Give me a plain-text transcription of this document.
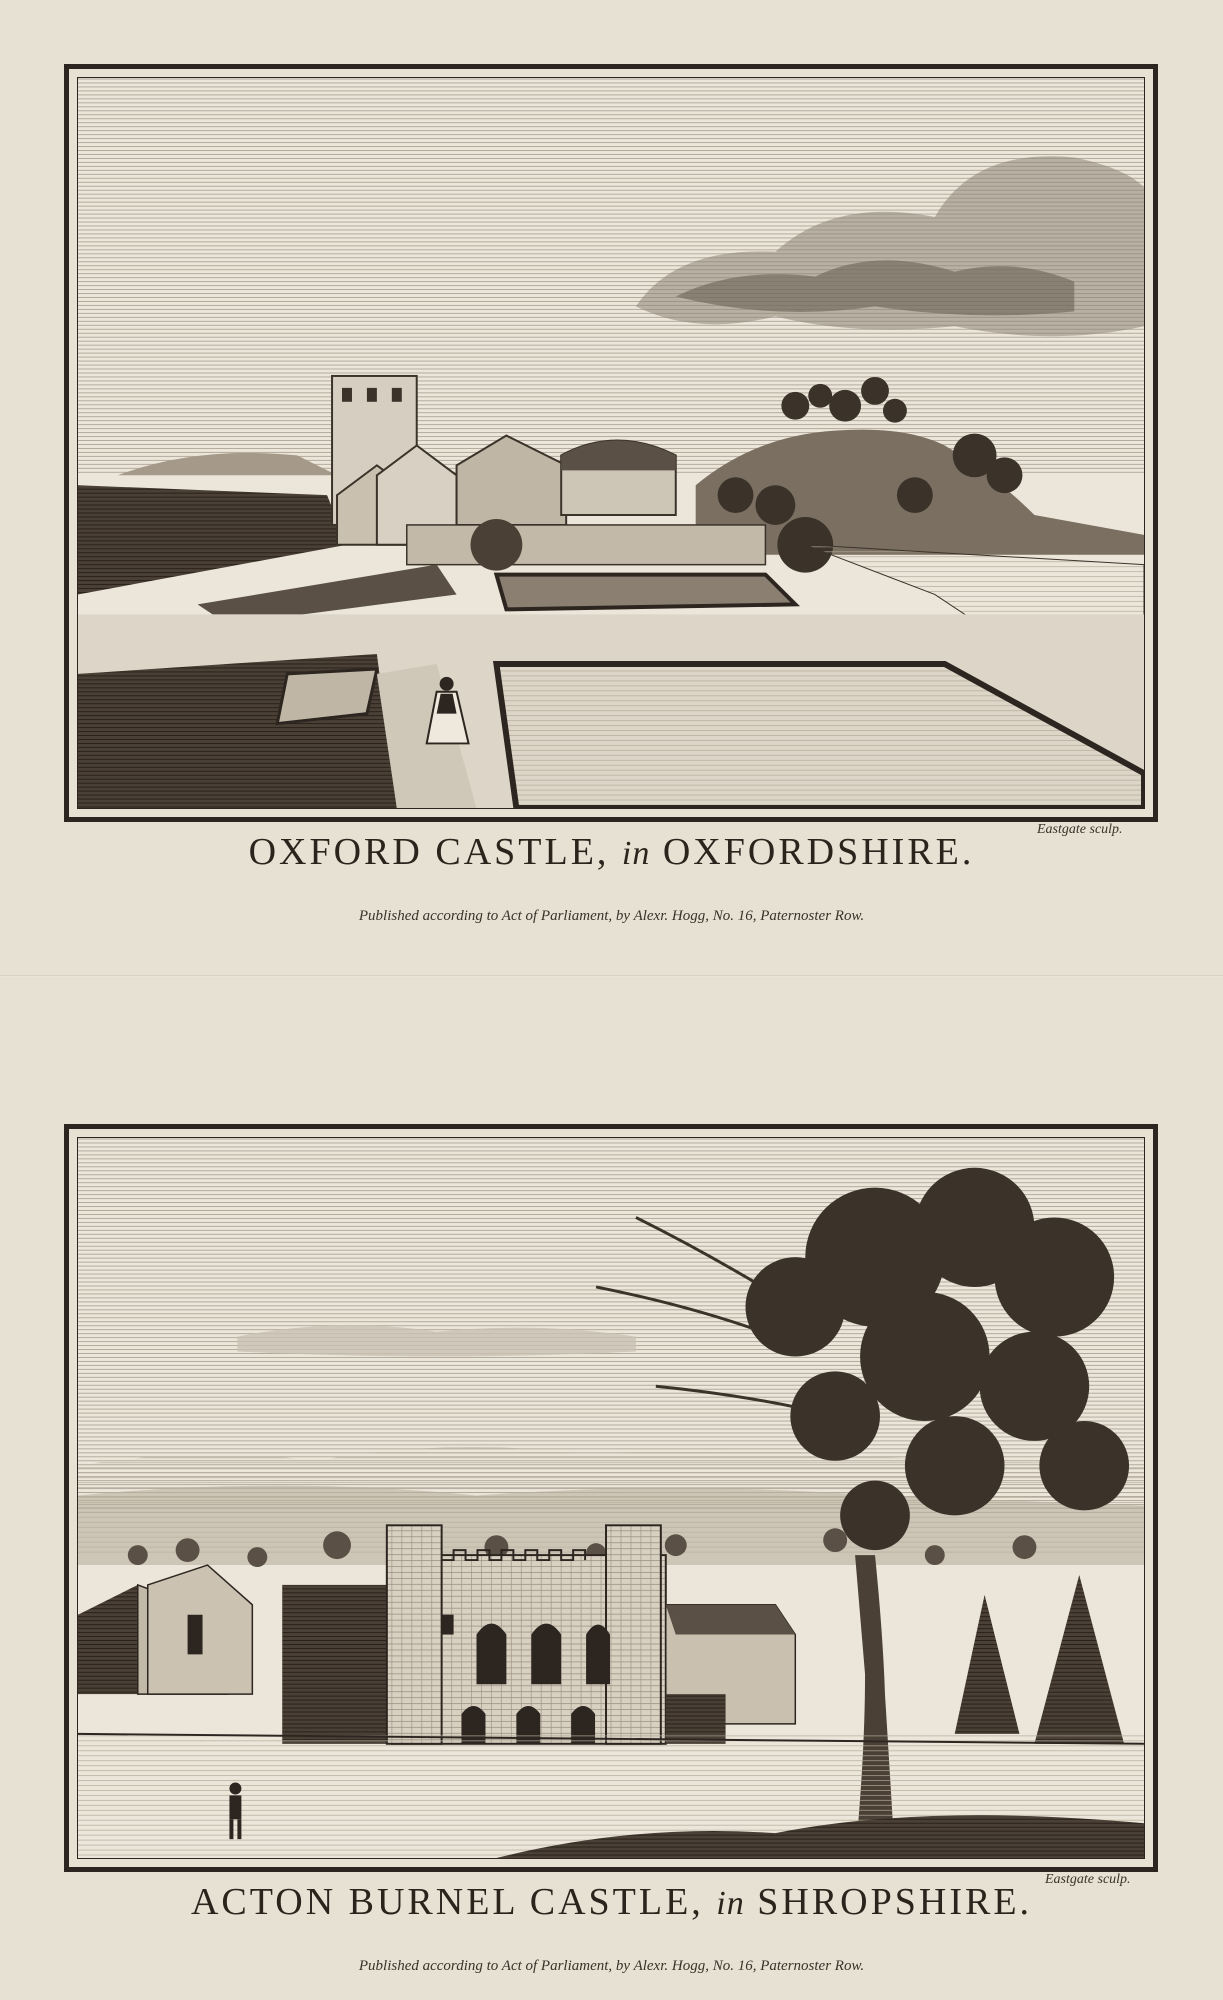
OXFORD CASTLE, in OXFORDSHIRE.
Eastgate sculp.
Published according to Act of Parliament, by Alexr. Hogg, No. 16, Paternoster Row.
ACTON BURNEL CASTLE, in SHROPSHIRE.
Eastgate sculp.
Published according to Act of Parliament, by Alexr. Hogg, No. 16, Paternoster Row.
